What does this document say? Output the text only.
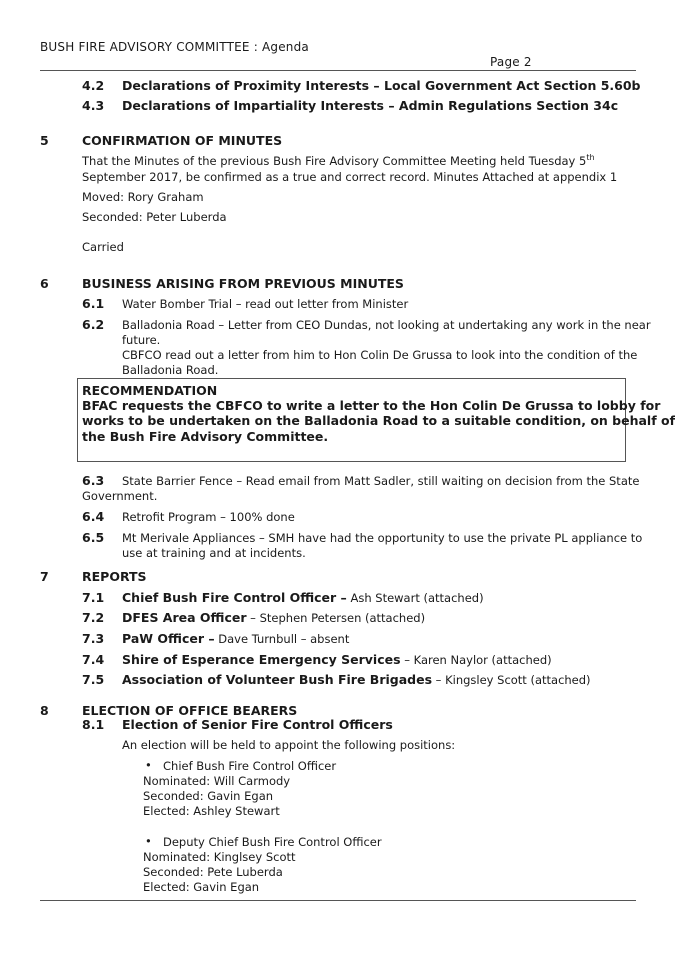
BUSH FIRE ADVISORY COMMITTEE : Agenda
Page 2
4.2 Declarations of Proximity Interests – Local Government Act Section 5.60b
4.3 Declarations of Impartiality Interests – Admin Regulations Section 34c
5	CONFIRMATION OF MINUTES
That the Minutes of the previous Bush Fire Advisory Committee Meeting held Tuesday 5th
September 2017, be confirmed as a true and correct record. Minutes Attached at appendix 1
Moved: Rory Graham
Seconded: Peter Luberda
Carried
6	BUSINESS ARISING FROM PREVIOUS MINUTES
6.1 Water Bomber Trial – read out letter from Minister
6.2 Balladonia Road – Letter from CEO Dundas, not looking at undertaking any work in the near
future.
CBFCO read out a letter from him to Hon Colin De Grussa to look into the condition of the
Balladonia Road.
RECOMMENDATION
BFAC requests the CBFCO to write a letter to the Hon Colin De Grussa to lobby for
works to be undertaken on the Balladonia Road to a suitable condition, on behalf of
the Bush Fire Advisory Committee.
6.3 State Barrier Fence – Read email from Matt Sadler, still waiting on decision from the State
Government.
6.4 Retrofit Program – 100% done
6.5 Mt Merivale Appliances – SMH have had the opportunity to use the private PL appliance to
use at training and at incidents.
7	REPORTS
7.1 Chief Bush Fire Control Officer – Ash Stewart (attached)
7.2 DFES Area Officer – Stephen Petersen (attached)
7.3 PaW Officer – Dave Turnbull – absent
7.4 Shire of Esperance Emergency Services – Karen Naylor (attached)
7.5 Association of Volunteer Bush Fire Brigades – Kingsley Scott (attached)
8	ELECTION OF OFFICE BEARERS
8.1 Election of Senior Fire Control Officers
An election will be held to appoint the following positions:
• Chief Bush Fire Control Officer
Nominated: Will Carmody
Seconded: Gavin Egan
Elected: Ashley Stewart
• Deputy Chief Bush Fire Control Officer
Nominated: Kinglsey Scott
Seconded: Pete Luberda
Elected: Gavin Egan
